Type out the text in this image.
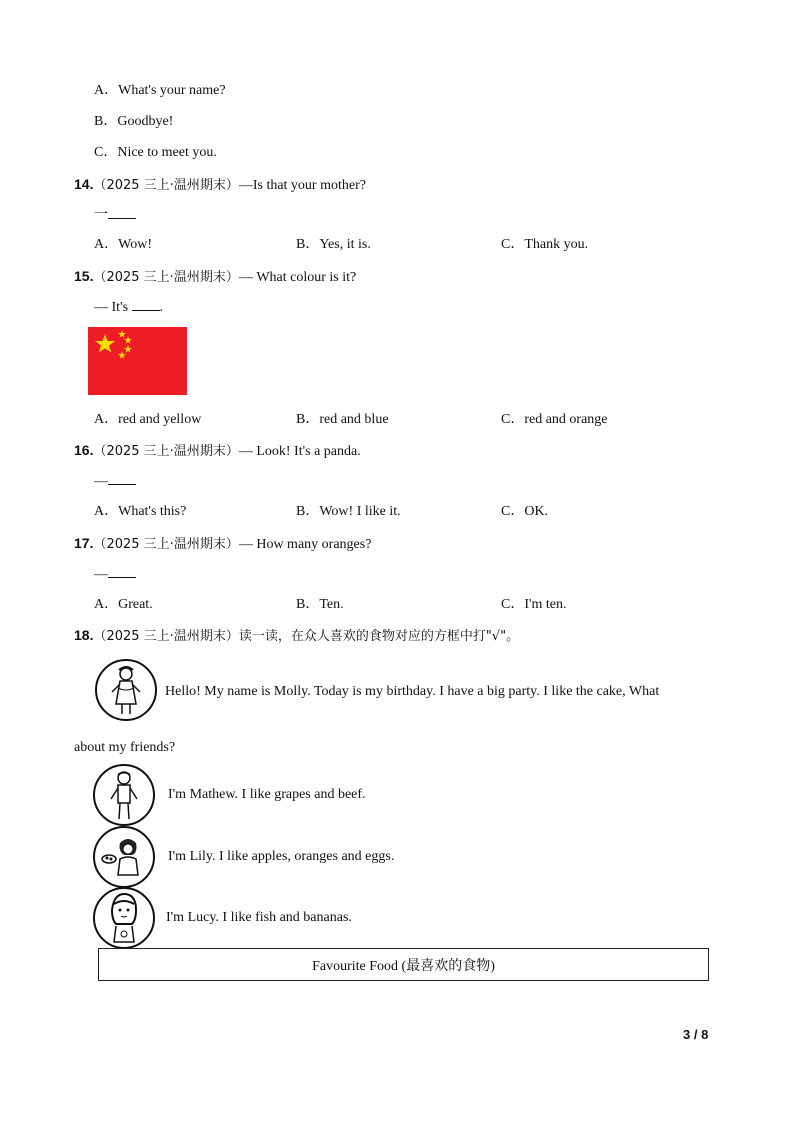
A．What's your name?
B．Goodbye!
C．Nice to meet you.
14.（2025 三上·温州期末）—Is that your mother?
一
A．Wow!	B．Yes, it is.	C．Thank you.
15.（2025 三上·温州期末）— What colour is it?
— It's .
A．red and yellow	B．red and blue	C．red and orange
16.（2025 三上·温州期末）— Look! It's a panda.
—
A．What's this?	B．Wow! I like it.	C．OK.
17.（2025 三上·温州期末）— How many oranges?
—
A．Great.	B．Ten.	C．I'm ten.
18.（2025 三上·温州期末）读一读，在众人喜欢的食物对应的方框中打"√"。
Hello! My name is Molly. Today is my birthday. I have a big party. I like the cake, What
about my friends?
I'm Mathew. I like grapes and beef.
I'm Lily. I like apples, oranges and eggs.
I'm Lucy. I like fish and bananas.
Favourite Food (最喜欢的食物)
3 / 8
